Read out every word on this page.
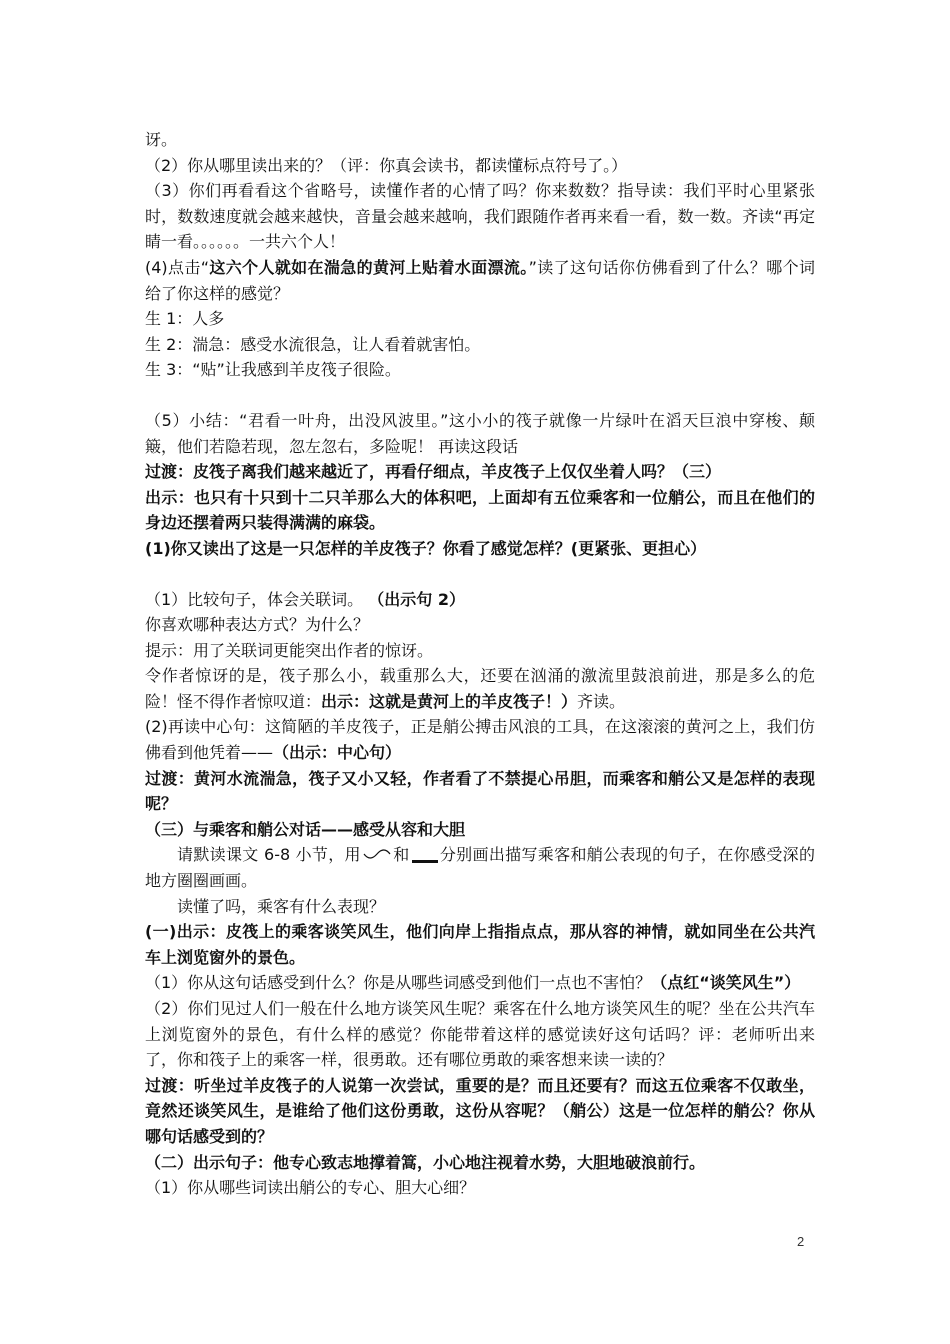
讶。

（2）你从哪里读出来的？（评：你真会读书，都读懂标点符号了。）

（3）你们再看看这个省略号，读懂作者的心情了吗？你来数数？指导读：我们平时心里紧张时，数数速度就会越来越快，音量会越来越响，我们跟随作者再来看一看，数一数。齐读“再定睛一看。。。。。。一共六个人！

(4)点击“这六个人就如在湍急的黄河上贴着水面漂流。”读了这句话你仿佛看到了什么？哪个词给了你这样的感觉？

生 1：人多

生 2：湍急：感受水流很急，让人看着就害怕。

生 3：“贴”让我感到羊皮筏子很险。

（5）小结：“君看一叶舟，出没风波里。”这小小的筏子就像一片绿叶在滔天巨浪中穿梭、颠簸，他们若隐若现，忽左忽右，多险呢！ 再读这段话

过渡：皮筏子离我们越来越近了，再看仔细点，羊皮筏子上仅仅坐着人吗？（三）

出示：也只有十只到十二只羊那么大的体积吧，上面却有五位乘客和一位艄公，而且在他们的身边还摆着两只装得满满的麻袋。

(1)你又读出了这是一只怎样的羊皮筏子？你看了感觉怎样？(更紧张、更担心）

（1）比较句子，体会关联词。 （出示句 2）

你喜欢哪种表达方式？为什么？

提示：用了关联词更能突出作者的惊讶。

令作者惊讶的是，筏子那么小，载重那么大，还要在汹涌的激流里鼓浪前进，那是多么的危险！怪不得作者惊叹道：出示：这就是黄河上的羊皮筏子！）齐读。

(2)再读中心句：这简陋的羊皮筏子，正是艄公搏击风浪的工具，在这滚滚的黄河之上，我们仿佛看到他凭着——（出示：中心句）

过渡：黄河水流湍急，筏子又小又轻，作者看了不禁提心吊胆，而乘客和艄公又是怎样的表现呢？

（三）与乘客和艄公对话——感受从容和大胆

请默读课文 6-8 小节，用 和 分别画出描写乘客和艄公表现的句子，在你感受深的地方圈圈画画。

读懂了吗，乘客有什么表现？

(一)出示：皮筏上的乘客谈笑风生，他们向岸上指指点点，那从容的神情，就如同坐在公共汽车上浏览窗外的景色。

（1）你从这句话感受到什么？你是从哪些词感受到他们一点也不害怕？（点红“谈笑风生”）

（2）你们见过人们一般在什么地方谈笑风生呢？乘客在什么地方谈笑风生的呢？坐在公共汽车上浏览窗外的景色，有什么样的感觉？你能带着这样的感觉读好这句话吗？评：老师听出来了，你和筏子上的乘客一样，很勇敢。还有哪位勇敢的乘客想来读一读的？

过渡：听坐过羊皮筏子的人说第一次尝试，重要的是？而且还要有？而这五位乘客不仅敢坐，竟然还谈笑风生，是谁给了他们这份勇敢，这份从容呢？（艄公）这是一位怎样的艄公？你从哪句话感受到的？

（二）出示句子：他专心致志地撑着篙，小心地注视着水势，大胆地破浪前行。

（1）你从哪些词读出艄公的专心、胆大心细？

2
